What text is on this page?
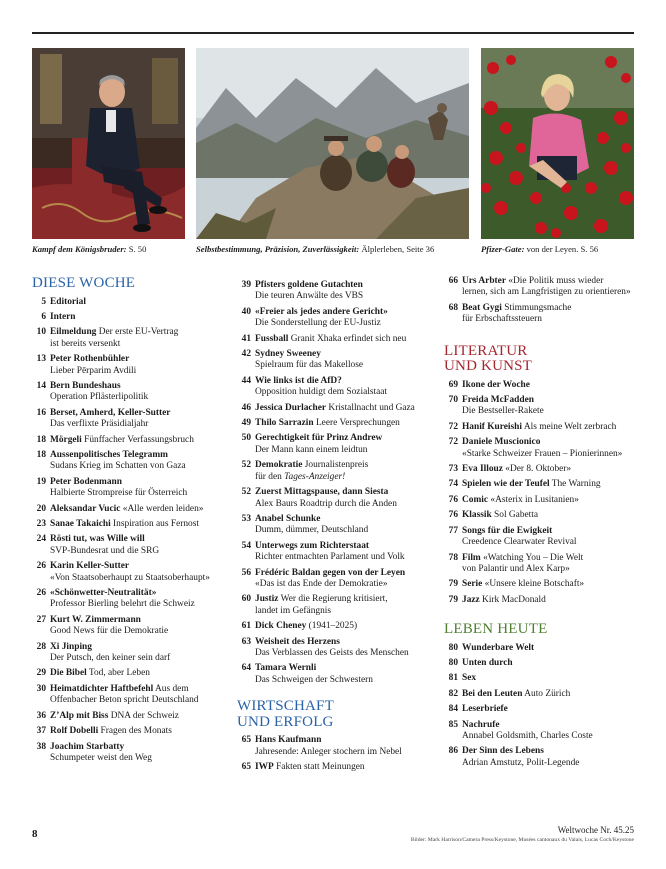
Kampf dem Königsbruder: S. 50	Selbstbestimmung, Präzision, Zuverlässigkeit: Älplerleben, Seite 36	Pfizer-Gate: von der Leyen. S. 56
DIESE WOCHE
5 Editorial
6 Intern
10 Eilmeldung Der erste EU-Vertrag
ist bereits versenkt
13 Peter Rothenbühler
Lieber Pērparim Avdili
14 Bern Bundeshaus
Operation Pflästerlipolitik
16 Berset, Amherd, Keller-Sutter
Das verflixte Präsidialjahr
18 Mörgeli Fünffacher Verfassungsbruch
18 Aussenpolitisches Telegramm
Sudans Krieg im Schatten von Gaza
19 Peter Bodenmann
Halbierte Strompreise für Österreich
20 Aleksandar Vucic «Alle werden leiden»
23 Sanae Takaichi Inspiration aus Fernost
24 Rösti tut, was Wille will
SVP-Bundesrat und die SRG
26 Karin Keller-Sutter
«Von Staatsoberhaupt zu Staatsoberhaupt»
26 «Schönwetter-Neutralität»
Professor Bierling belehrt die Schweiz
27 Kurt W. Zimmermann
Good News für die Demokratie
28 Xi Jinping
Der Putsch, den keiner sein darf
29 Die Bibel Tod, aber Leben
30 Heimatdichter Haftbefehl Aus dem
Offenbacher Beton spricht Deutschland
36 Z’Alp mit Biss DNA der Schweiz
37 Rolf Dobelli Fragen des Monats
38 Joachim Starbatty
Schumpeter weist den Weg
39 Pfisters goldene Gutachten
Die teuren Anwälte des VBS
40 «Freier als jedes andere Gericht»
Die Sonderstellung der EU-Justiz
41 Fussball Granit Xhaka erfindet sich neu
42 Sydney Sweeney
Spielraum für das Makellose
44 Wie links ist die AfD?
Opposition huldigt dem Sozialstaat
46 Jessica Durlacher Kristallnacht und Gaza
49 Thilo Sarrazin Leere Versprechungen
50 Gerechtigkeit für Prinz Andrew
Der Mann kann einem leidtun
52 Demokratie Journalistenpreis
für den Tages-Anzeiger!
52 Zuerst Mittagspause, dann Siesta
Alex Baurs Roadtrip durch die Anden
53 Anabel Schunke
Dumm, dümmer, Deutschland
54 Unterwegs zum Richterstaat
Richter entmachten Parlament und Volk
56 Frédéric Baldan gegen von der Leyen
«Das ist das Ende der Demokratie»
60 Justiz Wer die Regierung kritisiert,
landet im Gefängnis
61 Dick Cheney (1941–2025)
63 Weisheit des Herzens
Das Verblassen des Geists des Menschen
64 Tamara Wernli
Das Schweigen der Schwestern
WIRTSCHAFT
UND ERFOLG
65 Hans Kaufmann
Jahresende: Anleger stochern im Nebel
65 IWP Fakten statt Meinungen
66 Urs Arbter «Die Politik muss wieder
lernen, sich am Langfristigen zu orientieren»
68 Beat Gygi Stimmungsmache
für Erbschaftssteuern
LITERATUR
UND KUNST
69 Ikone der Woche
70 Freida McFadden
Die Bestseller-Rakete
72 Hanif Kureishi Als meine Welt zerbrach
72 Daniele Muscionico
«Starke Schweizer Frauen – Pionierinnen»
73 Eva Illouz «Der 8. Oktober»
74 Spielen wie der Teufel The Warning
76 Comic «Asterix in Lusitanien»
76 Klassik Sol Gabetta
77 Songs für die Ewigkeit
Creedence Clearwater Revival
78 Film «Watching You – Die Welt
von Palantir und Alex Karp»
79 Serie «Unsere kleine Botschaft»
79 Jazz Kirk MacDonald
LEBEN HEUTE
80 Wunderbare Welt
80 Unten durch
81 Sex
82 Bei den Leuten Auto Zürich
84 Leserbriefe
85 Nachrufe
Annabel Goldsmith, Charles Coste
86 Der Sinn des Lebens
Adrian Amstutz, Polit-Legende
8	Weltwoche Nr. 45.25
Bilder: Mark Harrison/Camera Press/Keystone, Musées cantonaux du Valais, Lucas Coch/Keystone
